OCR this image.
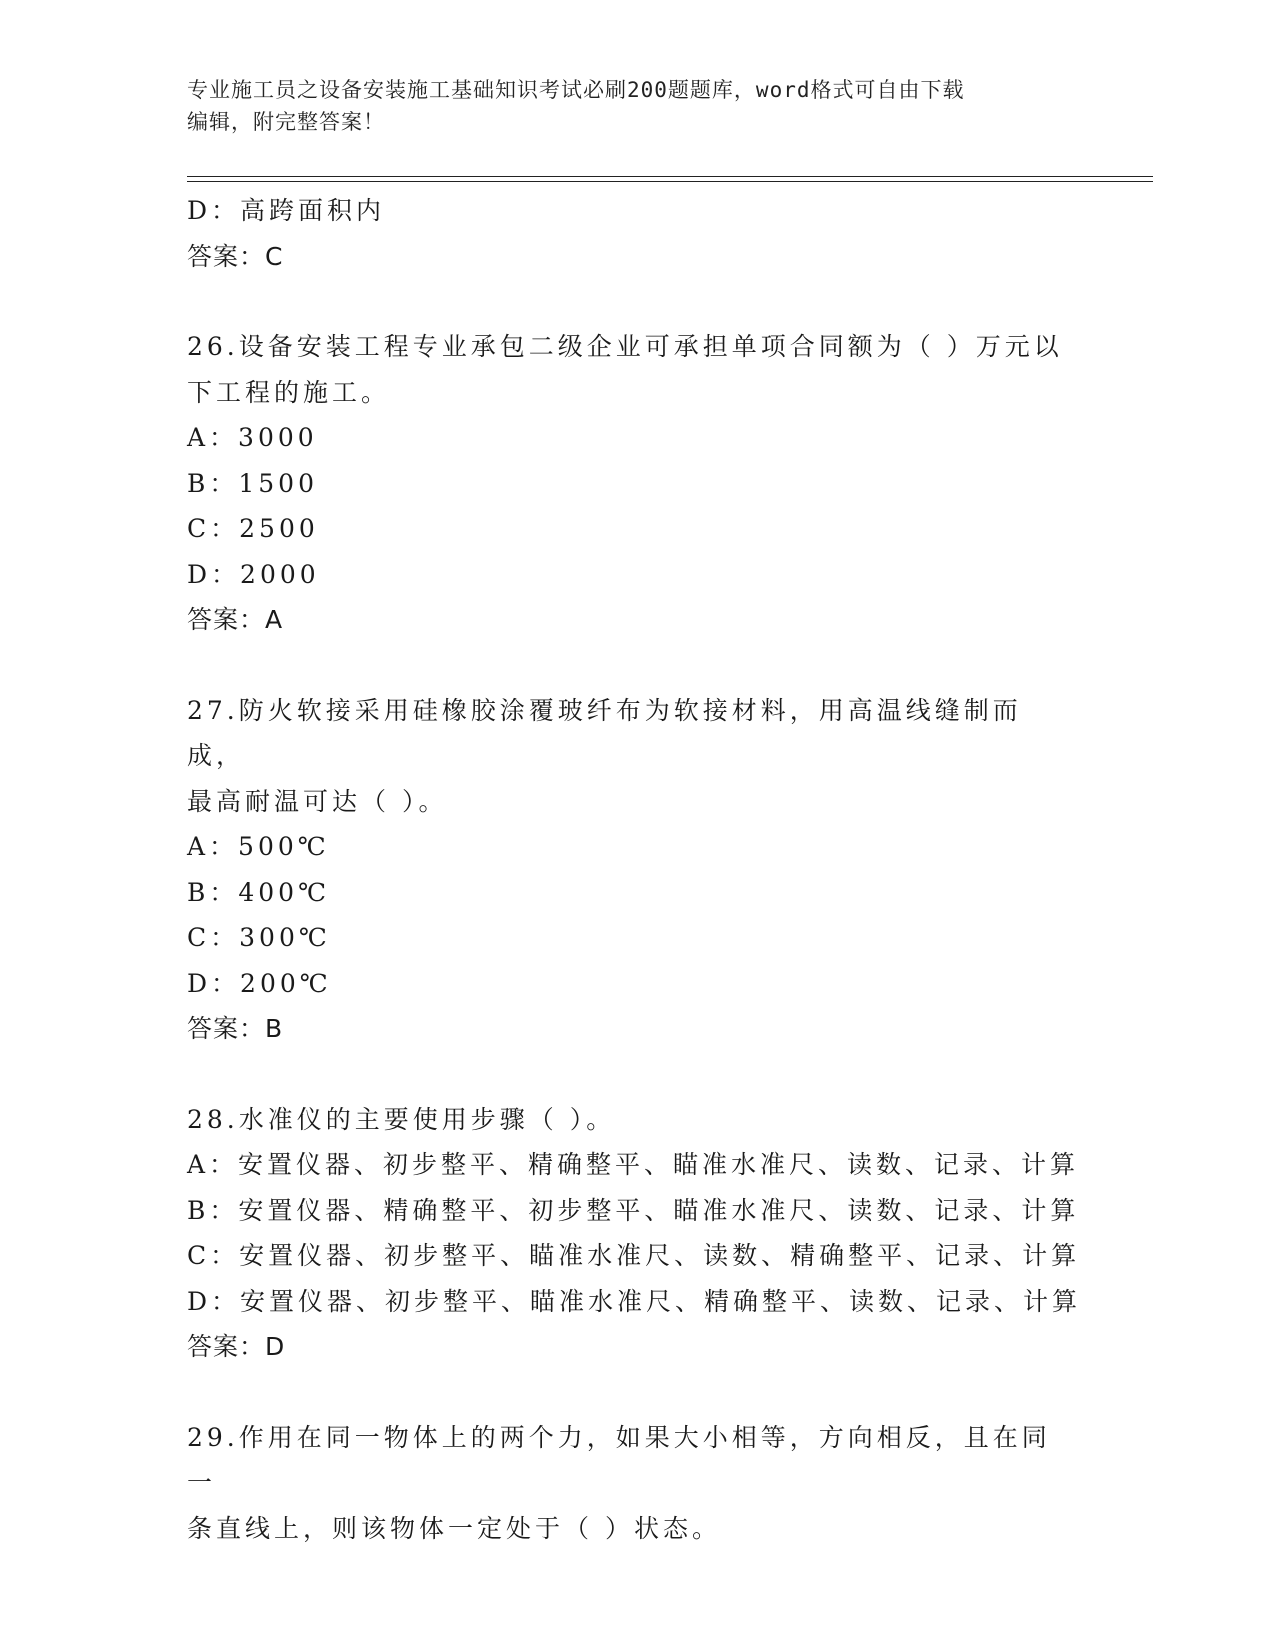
专业施工员之设备安装施工基础知识考试必刷200题题库，word格式可自由下载
编辑，附完整答案！
D：高跨面积内
答案：C
26.设备安装工程专业承包二级企业可承担单项合同额为（ ）万元以
下工程的施工。
A：3000
B：1500
C：2500
D：2000
答案：A
27.防火软接采用硅橡胶涂覆玻纤布为软接材料，用高温线缝制而成，
最高耐温可达（ ）。
A：500℃
B：400℃
C：300℃
D：200℃
答案：B
28.水准仪的主要使用步骤（ ）。
A：安置仪器、初步整平、精确整平、瞄准水准尺、读数、记录、计算
B：安置仪器、精确整平、初步整平、瞄准水准尺、读数、记录、计算
C：安置仪器、初步整平、瞄准水准尺、读数、精确整平、记录、计算
D：安置仪器、初步整平、瞄准水准尺、精确整平、读数、记录、计算
答案：D
29.作用在同一物体上的两个力，如果大小相等，方向相反，且在同一
条直线上，则该物体一定处于（ ）状态。
